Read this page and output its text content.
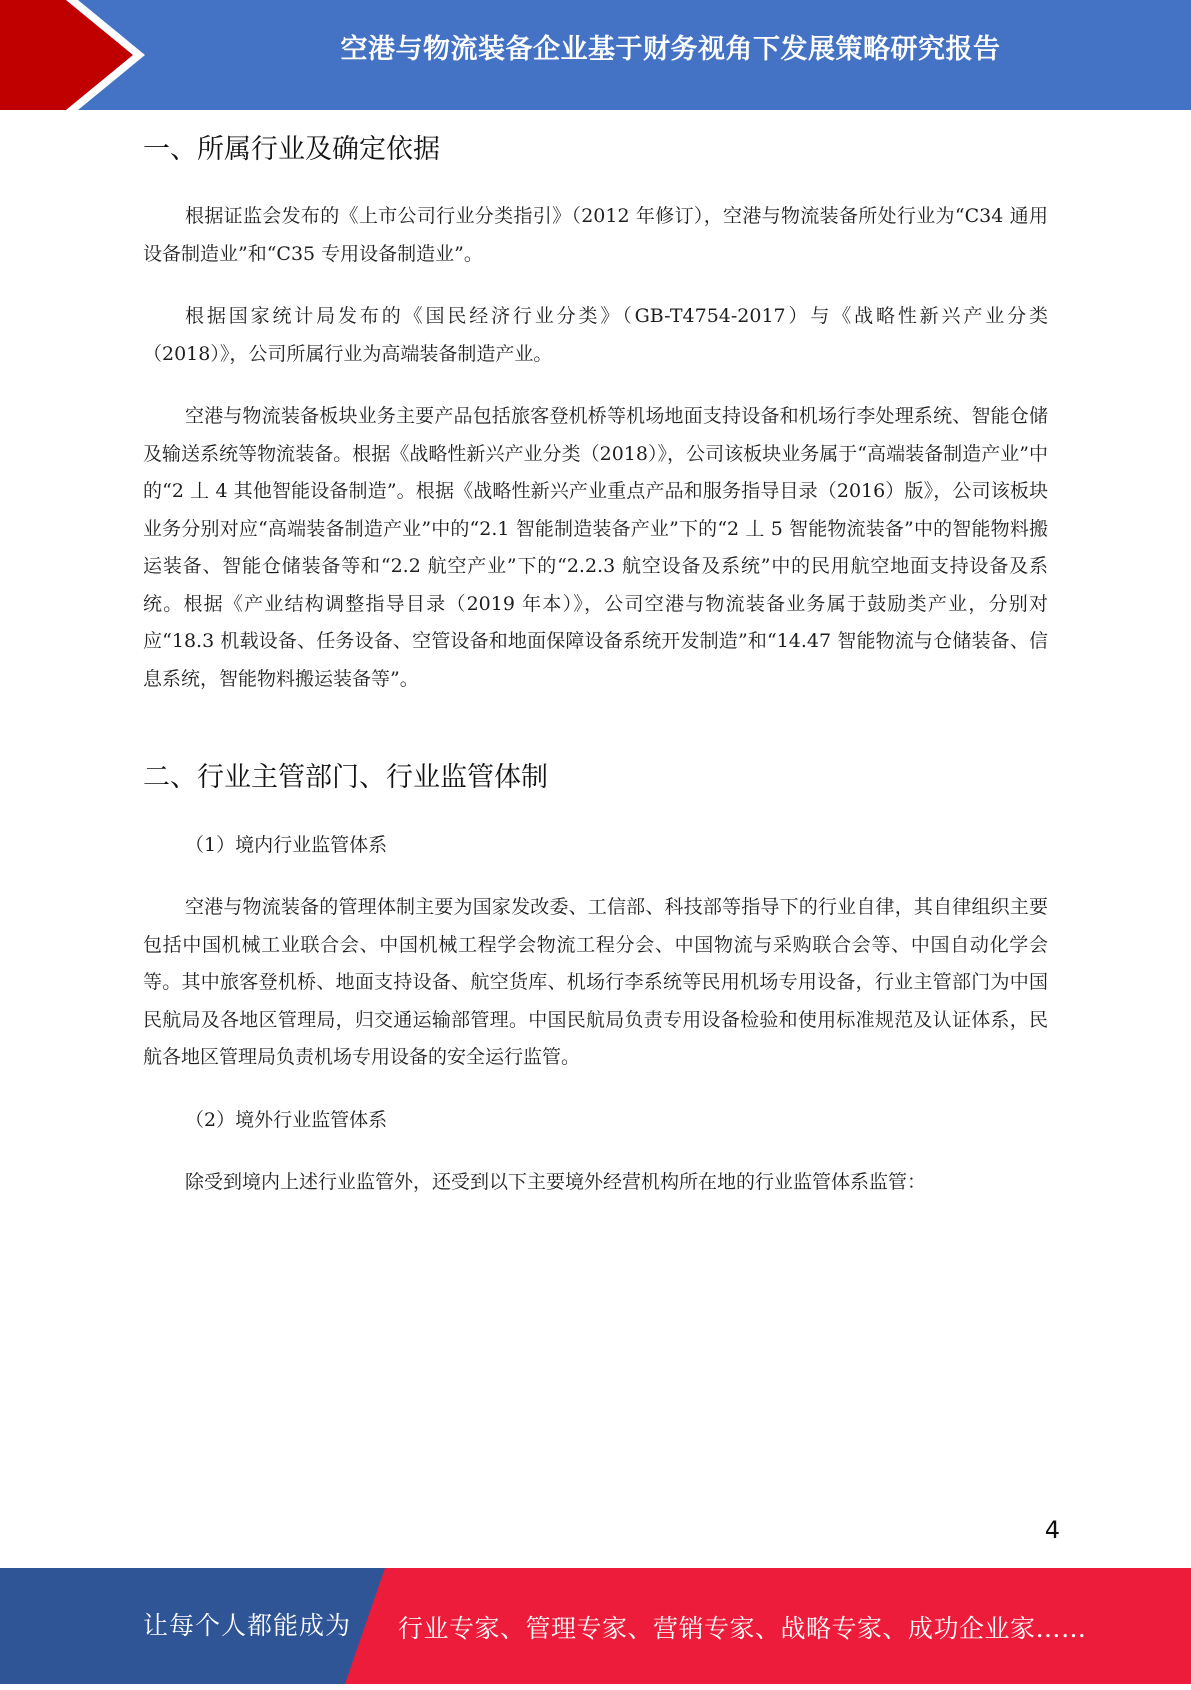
空港与物流装备企业基于财务视角下发展策略研究报告
一、所属行业及确定依据

根据证监会发布的《上市公司行业分类指引》（2012 年修订），空港与物流装备所处行业为“C34 通用设备制造业”和“C35 专用设备制造业”。

根据国家统计局发布的《国民经济行业分类》（GB-T4754-2017）与《战略性新兴产业分类（2018）》，公司所属行业为高端装备制造产业。

空港与物流装备板块业务主要产品包括旅客登机桥等机场地面支持设备和机场行李处理系统、智能仓储及输送系统等物流装备。根据《战略性新兴产业分类（2018）》，公司该板块业务属于“高端装备制造产业”中的“2 丄 4 其他智能设备制造”。根据《战略性新兴产业重点产品和服务指导目录（2016）版》，公司该板块业务分别对应“高端装备制造产业”中的“2.1 智能制造装备产业”下的“2 丄 5 智能物流装备”中的智能物料搬运装备、智能仓储装备等和“2.2 航空产业”下的“2.2.3 航空设备及系统”中的民用航空地面支持设备及系统。根据《产业结构调整指导目录（2019 年本）》，公司空港与物流装备业务属于鼓励类产业，分别对应“18.3 机载设备、任务设备、空管设备和地面保障设备系统开发制造”和“14.47 智能物流与仓储装备、信息系统，智能物料搬运装备等”。

二、行业主管部门、行业监管体制

（1）境内行业监管体系

空港与物流装备的管理体制主要为国家发改委、工信部、科技部等指导下的行业自律，其自律组织主要包括中国机械工业联合会、中国机械工程学会物流工程分会、中国物流与采购联合会等、中国自动化学会等。其中旅客登机桥、地面支持设备、航空货库、机场行李系统等民用机场专用设备，行业主管部门为中国民航局及各地区管理局，归交通运输部管理。中国民航局负责专用设备检验和使用标准规范及认证体系，民航各地区管理局负责机场专用设备的安全运行监管。

（2）境外行业监管体系

除受到境内上述行业监管外，还受到以下主要境外经营机构所在地的行业监管体系监管：

4
让每个人都能成为 行业专家、管理专家、营销专家、战略专家、成功企业家……
